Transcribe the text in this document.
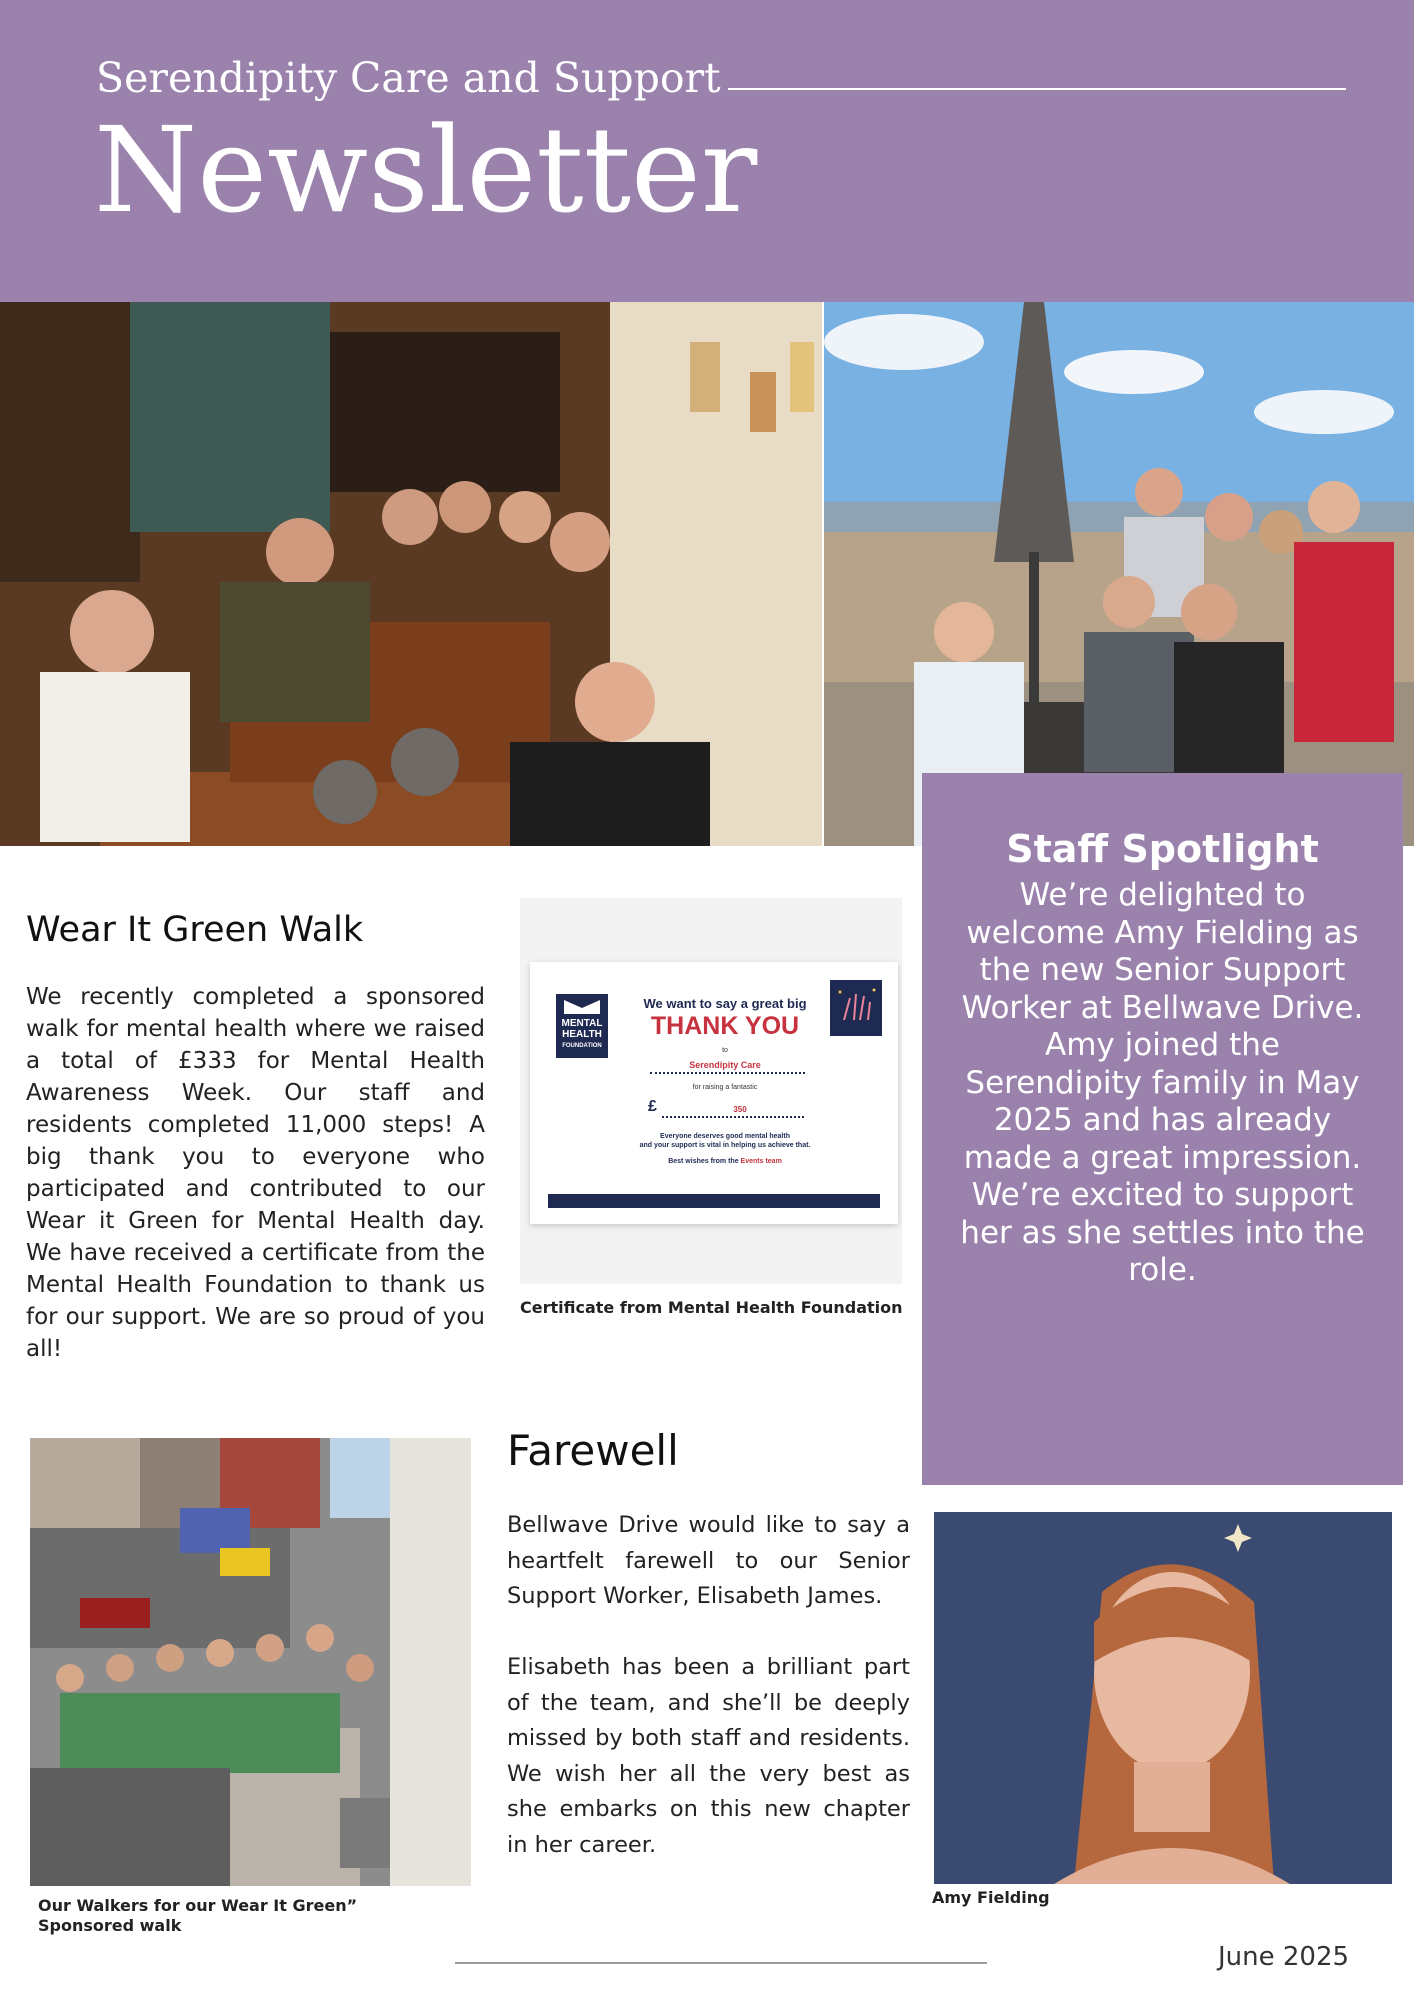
Serendipity Care and Support
Newsletter
Wear It Green Walk

We recently completed a sponsored walk for mental health where we raised a total of £333 for Mental Health Awareness Week. Our staff and residents completed 11,000 steps! A big thank you to everyone who participated and contributed to our Wear it Green for Mental Health day. We have received a certificate from the Mental Health Foundation to thank us for our support. We are so proud of you all!

MENTAL
HEALTH
FOUNDATION
We want to say a great big
THANK YOU
to
Serendipity Care
for raising a fantastic
£	350
Everyone deserves good mental health
and your support is vital in helping us achieve that.
Best wishes from the Events team
Certificate from Mental Health Foundation
Staff Spotlight

We’re delighted to welcome Amy Fielding as the new Senior Support Worker at Bellwave Drive. Amy joined the Serendipity family in May 2025 and has already made a great impression. We’re excited to support her as she settles into the role.

Our Walkers for our Wear It Green” Sponsored walk
Farewell

Bellwave Drive would like to say a heartfelt farewell to our Senior Support Worker, Elisabeth James.

Elisabeth has been a brilliant part of the team, and she’ll be deeply missed by both staff and residents. We wish her all the very best as she embarks on this new chapter in her career.

Amy Fielding
June 2025
